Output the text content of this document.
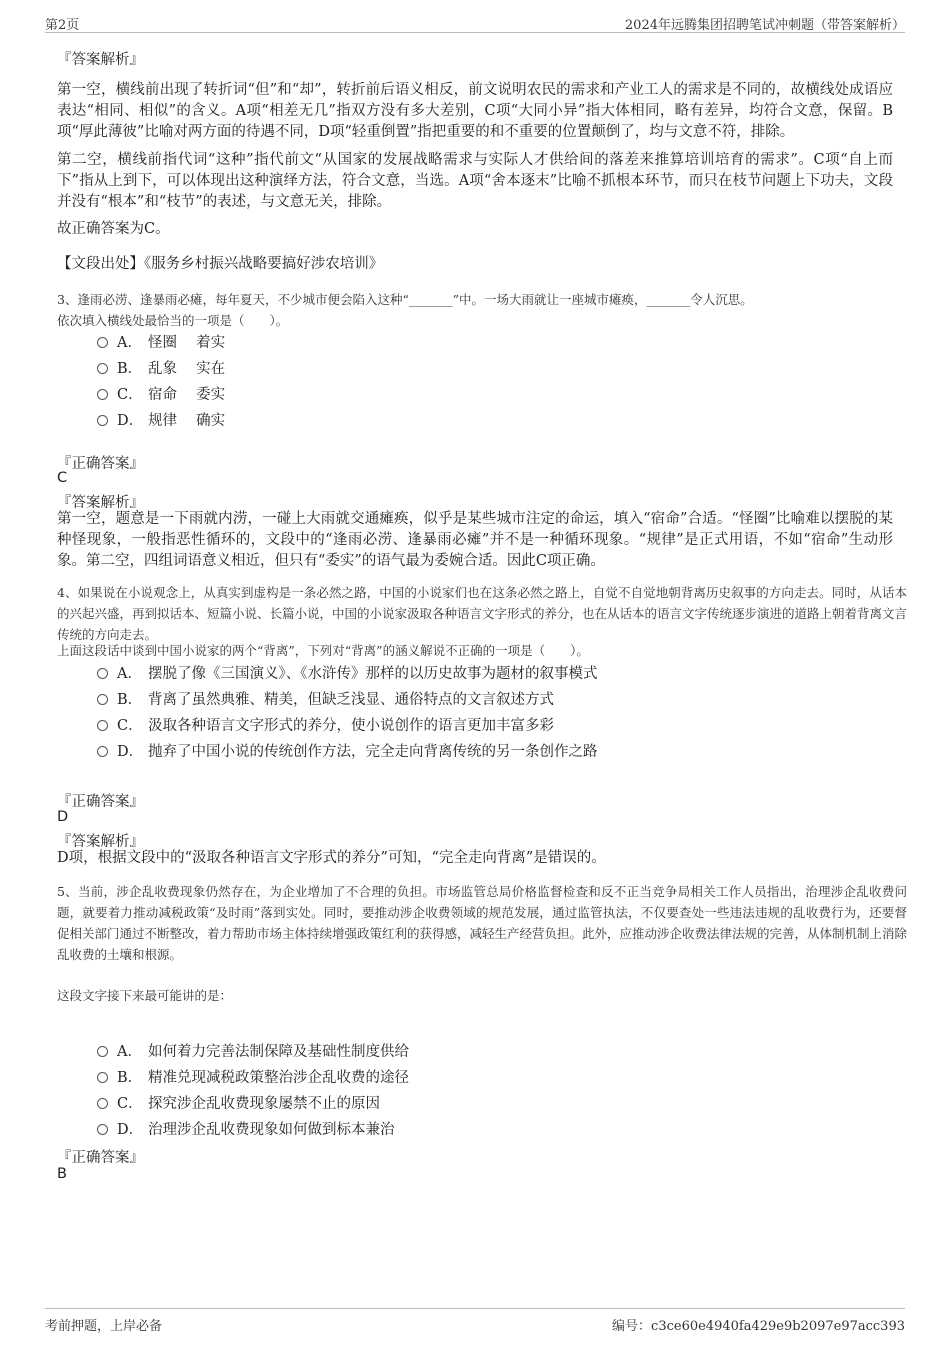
第2页	2024年远腾集团招聘笔试冲刺题（带答案解析）
『答案解析』
第一空，横线前出现了转折词“但”和“却”，转折前后语义相反，前文说明农民的需求和产业工人的需求是不同的，故横线处成语应表达“相同、相似”的含义。A项“相差无几”指双方没有多大差别，C项“大同小异”指大体相同，略有差异，均符合文意，保留。B项“厚此薄彼”比喻对两方面的待遇不同，D项“轻重倒置”指把重要的和不重要的位置颠倒了，均与文意不符，排除。
第二空，横线前指代词“这种”指代前文“从国家的发展战略需求与实际人才供给间的落差来推算培训培育的需求”。C项“自上而下”指从上到下，可以体现出这种演绎方法，符合文意，当选。A项“舍本逐末”比喻不抓根本环节，而只在枝节问题上下功夫，文段并没有“根本”和“枝节”的表述，与文意无关，排除。
故正确答案为C。
【文段出处】《服务乡村振兴战略要搞好涉农培训》
3、逢雨必涝、逢暴雨必瘫，每年夏天，不少城市便会陷入这种“_______”中。一场大雨就让一座城市瘫痪，_______令人沉思。
依次填入横线处最恰当的一项是（　　）。
A． 怪圈　 着实
B． 乱象　 实在
C． 宿命　 委实
D． 规律　 确实
『正确答案』
C
『答案解析』
第一空，题意是一下雨就内涝，一碰上大雨就交通瘫痪，似乎是某些城市注定的命运，填入“宿命”合适。“怪圈”比喻难以摆脱的某种怪现象，一般指恶性循环的，文段中的“逢雨必涝、逢暴雨必瘫”并不是一种循环现象。“规律”是正式用语，不如“宿命”生动形象。第二空，四组词语意义相近，但只有“委实”的语气最为委婉合适。因此C项正确。
4、如果说在小说观念上，从真实到虚构是一条必然之路，中国的小说家们也在这条必然之路上，自觉不自觉地朝背离历史叙事的方向走去。同时，从话本的兴起兴盛，再到拟话本、短篇小说、长篇小说，中国的小说家汲取各种语言文字形式的养分，也在从话本的语言文字传统逐步演进的道路上朝着背离文言传统的方向走去。
上面这段话中谈到中国小说家的两个“背离”，下列对“背离”的涵义解说不正确的一项是（　　）。
A． 摆脱了像《三国演义》、《水浒传》那样的以历史故事为题材的叙事模式
B． 背离了虽然典雅、精美，但缺乏浅显、通俗特点的文言叙述方式
C． 汲取各种语言文字形式的养分，使小说创作的语言更加丰富多彩
D． 抛弃了中国小说的传统创作方法，完全走向背离传统的另一条创作之路
『正确答案』
D
『答案解析』
D项，根据文段中的“汲取各种语言文字形式的养分”可知，“完全走向背离”是错误的。
5、当前，涉企乱收费现象仍然存在，为企业增加了不合理的负担。市场监管总局价格监督检查和反不正当竞争局相关工作人员指出，治理涉企乱收费问题，就要着力推动减税政策“及时雨”落到实处。同时，要推动涉企收费领域的规范发展，通过监管执法，不仅要查处一些违法违规的乱收费行为，还要督促相关部门通过不断整改，着力帮助市场主体持续增强政策红利的获得感，减轻生产经营负担。此外，应推动涉企收费法律法规的完善，从体制机制上消除乱收费的土壤和根源。
这段文字接下来最可能讲的是：
A． 如何着力完善法制保障及基础性制度供给
B． 精准兑现减税政策整治涉企乱收费的途径
C． 探究涉企乱收费现象屡禁不止的原因
D． 治理涉企乱收费现象如何做到标本兼治
『正确答案』
B
考前押题，上岸必备	编号：c3ce60e4940fa429e9b2097e97acc393
